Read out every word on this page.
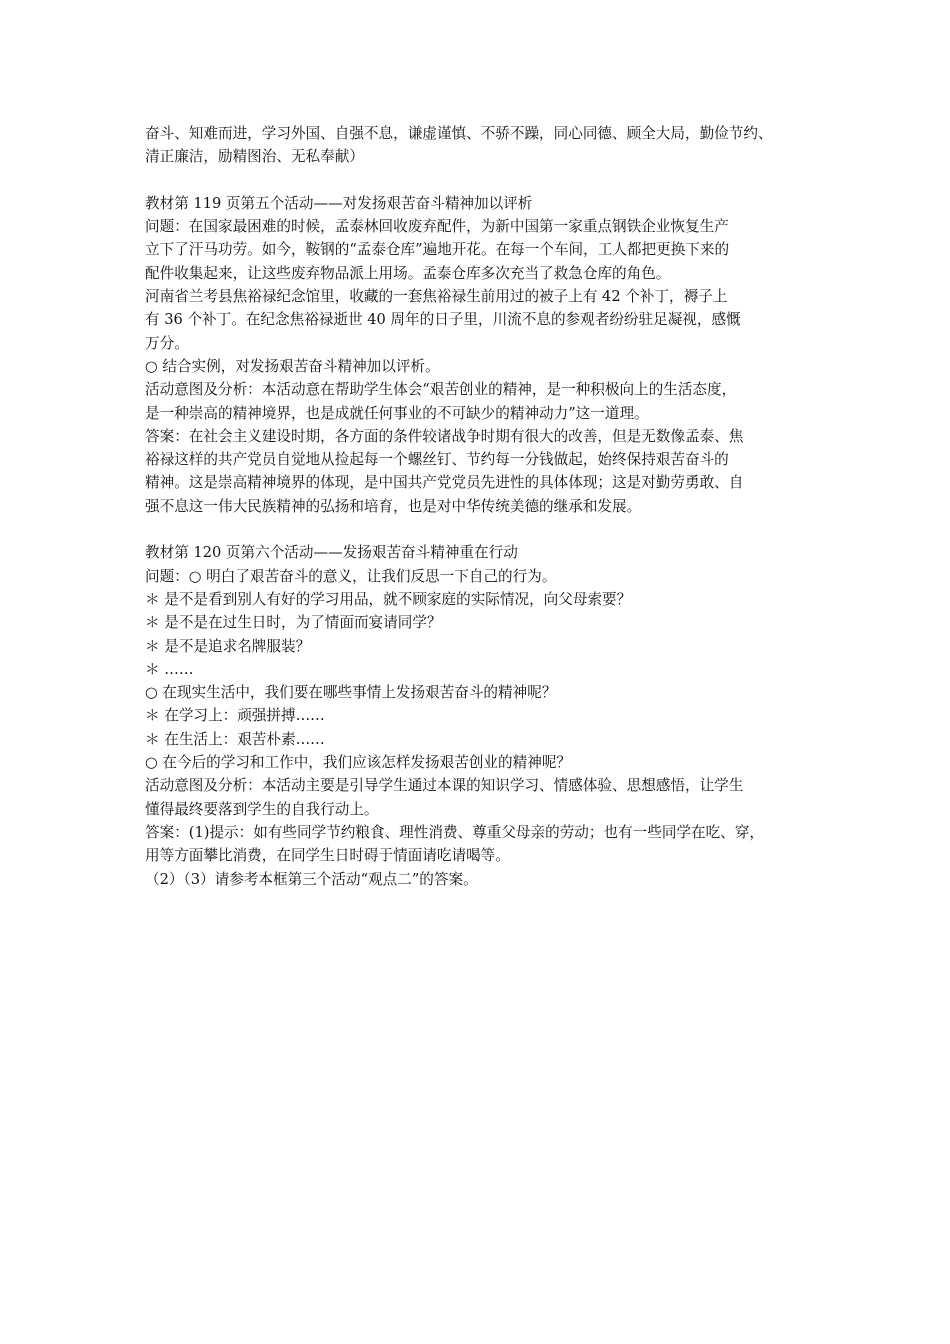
奋斗、知难而进，学习外国、自强不息，谦虚谨慎、不骄不躁，同心同德、顾全大局，勤俭节约、
清正廉洁，励精图治、无私奉献）
教材第 119 页第五个活动——对发扬艰苦奋斗精神加以评析
问题：在国家最困难的时候，孟泰林回收废弃配件，为新中国第一家重点钢铁企业恢复生产
立下了汗马功劳。如今，鞍钢的“孟泰仓库”遍地开花。在每一个车间，工人都把更换下来的
配件收集起来，让这些废弃物品派上用场。孟泰仓库多次充当了救急仓库的角色。
河南省兰考县焦裕禄纪念馆里，收藏的一套焦裕禄生前用过的被子上有 42 个补丁，褥子上
有 36 个补丁。在纪念焦裕禄逝世 40 周年的日子里，川流不息的参观者纷纷驻足凝视，感慨
万分。
○ 结合实例，对发扬艰苦奋斗精神加以评析。
活动意图及分析：本活动意在帮助学生体会“艰苦创业的精神，是一种积极向上的生活态度，
是一种崇高的精神境界，也是成就任何事业的不可缺少的精神动力”这一道理。
答案：在社会主义建设时期，各方面的条件较诸战争时期有很大的改善，但是无数像孟泰、焦
裕禄这样的共产党员自觉地从捡起每一个螺丝钉、节约每一分钱做起，始终保持艰苦奋斗的
精神。这是崇高精神境界的体现，是中国共产党党员先进性的具体体现；这是对勤劳勇敢、自
强不息这一伟大民族精神的弘扬和培育，也是对中华传统美德的继承和发展。
教材第 120 页第六个活动——发扬艰苦奋斗精神重在行动
问题：○ 明白了艰苦奋斗的意义，让我们反思一下自己的行为。
＊ 是不是看到别人有好的学习用品，就不顾家庭的实际情况，向父母索要？
＊ 是不是在过生日时，为了情面而宴请同学？
＊ 是不是追求名牌服装？
＊ ……
○ 在现实生活中，我们要在哪些事情上发扬艰苦奋斗的精神呢？
＊ 在学习上：顽强拼搏……
＊ 在生活上：艰苦朴素……
○ 在今后的学习和工作中，我们应该怎样发扬艰苦创业的精神呢？
活动意图及分析：本活动主要是引导学生通过本课的知识学习、情感体验、思想感悟，让学生
懂得最终要落到学生的自我行动上。
答案：(1)提示：如有些同学节约粮食、理性消费、尊重父母亲的劳动；也有一些同学在吃、穿，
用等方面攀比消费，在同学生日时碍于情面请吃请喝等。
（2）（3）请参考本框第三个活动“观点二”的答案。
